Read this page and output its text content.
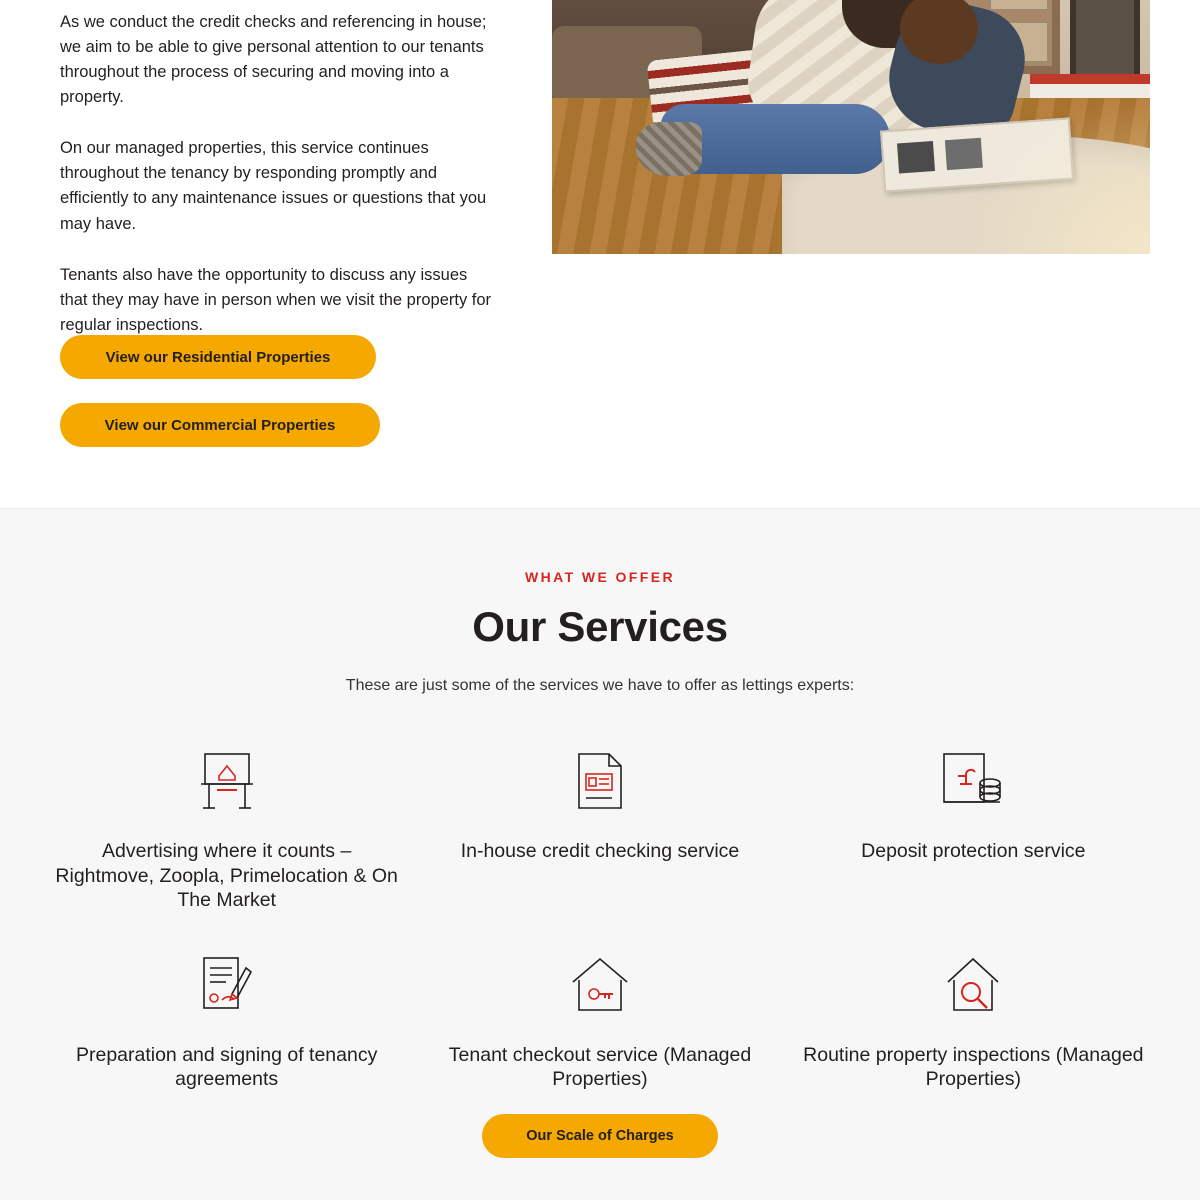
As we conduct the credit checks and referencing in house; we aim to be able to give personal attention to our tenants throughout the process of securing and moving into a property.

On our managed properties, this service continues throughout the tenancy by responding promptly and efficiently to any maintenance issues or questions that you may have.

Tenants also have the opportunity to discuss any issues that they may have in person when we visit the property for regular inspections.

View our Residential Properties
View our Commercial Properties
WHAT WE OFFER
Our Services
These are just some of the services we have to offer as lettings experts:
Advertising where it counts – Rightmove, Zoopla, Primelocation & On The Market
In-house credit checking service	Deposit protection service
Preparation and signing of tenancy agreements
Tenant checkout service (Managed Properties)
Routine property inspections (Managed Properties)
Our Scale of Charges
